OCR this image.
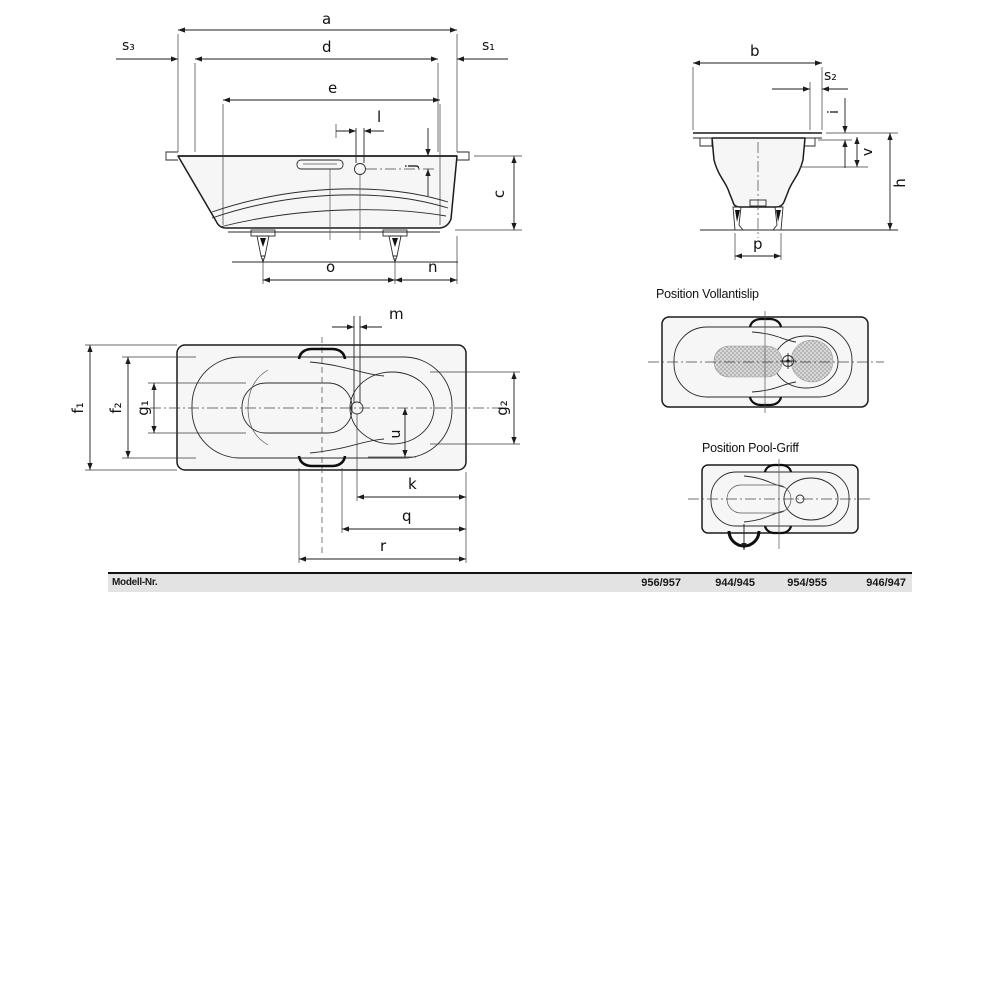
a
d
s₃	s₁
e
l
j
c
o	n
b
s₂
i
v
h
p
m
u
f₁ f₂ g₁	g₂
k
q
r
Position Vollantislip
Position Pool-Griff
Modell-Nr.	956/957	944/945	954/955	946/947
